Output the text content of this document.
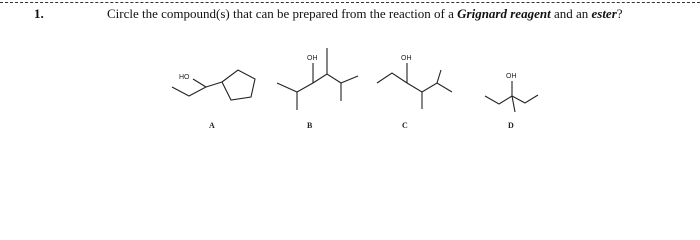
1.	Circle the compound(s) that can be prepared from the reaction of a Grignard reagent and an ester?
HO
A
OH
B
OH
C
OH
D
